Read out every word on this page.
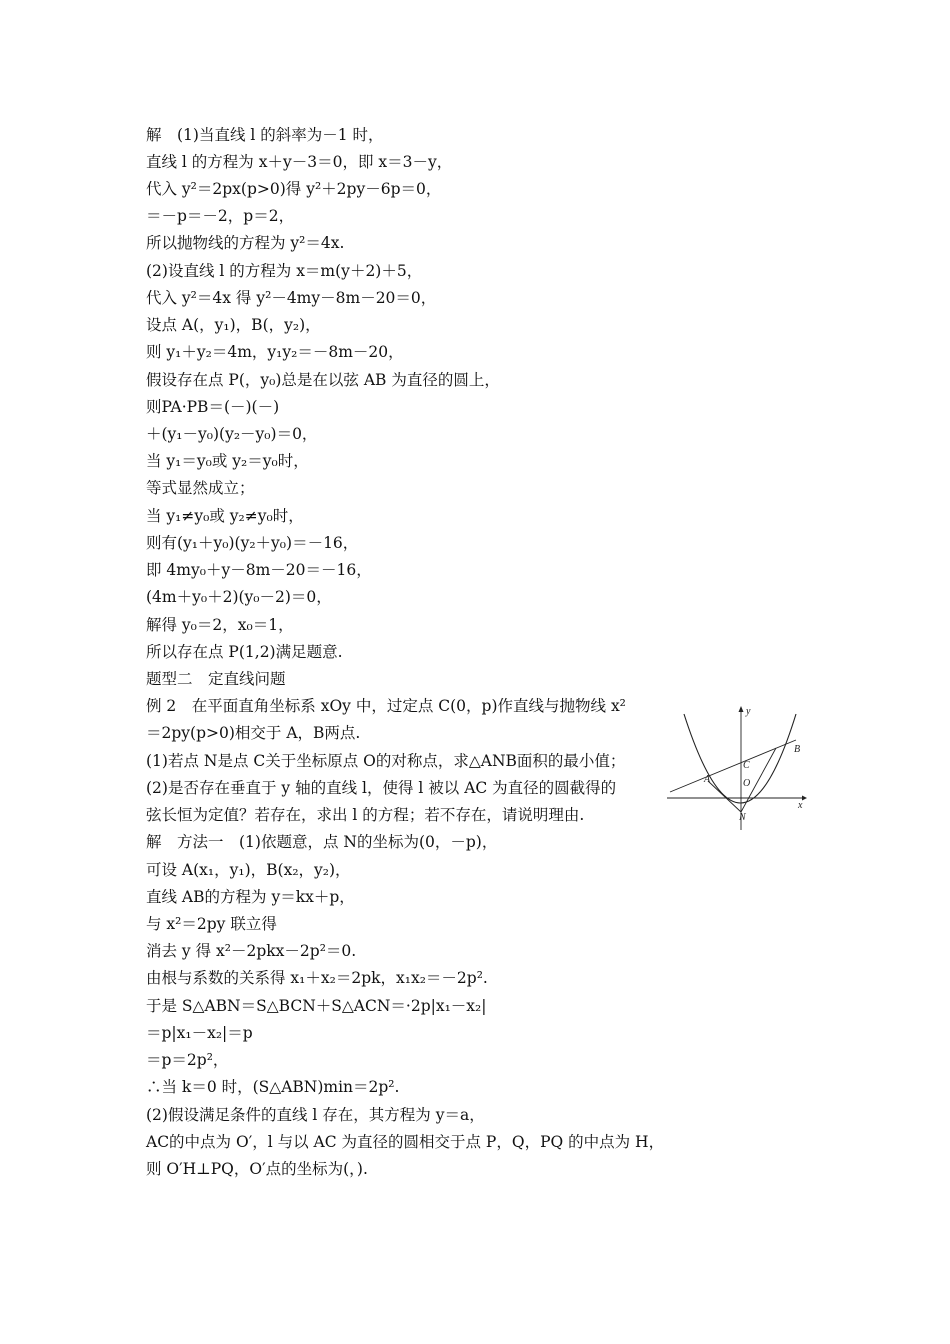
解　(1)当直线 l 的斜率为－1 时，
直线 l 的方程为 x＋y－3＝0，即 x＝3－y，
代入 y²＝2px(p>0)得 y²＋2py－6p＝0，
＝－p＝－2，p＝2，
所以抛物线的方程为 y²＝4x.
(2)设直线 l 的方程为 x＝m(y＋2)＋5，
代入 y²＝4x 得 y²－4my－8m－20＝0，
设点 A(，y₁)，B(，y₂)，
则 y₁＋y₂＝4m，y₁y₂＝－8m－20，
假设存在点 P(，y₀)总是在以弦 AB 为直径的圆上，
则PA·PB＝(－)(－)
＋(y₁－y₀)(y₂－y₀)＝0，
当 y₁＝y₀或 y₂＝y₀时，
等式显然成立；
当 y₁≠y₀或 y₂≠y₀时，
则有(y₁＋y₀)(y₂＋y₀)＝－16，
即 4my₀＋y－8m－20＝－16，
(4m＋y₀＋2)(y₀－2)＝0，
解得 y₀＝2，x₀＝1，
所以存在点 P(1,2)满足题意.
题型二　定直线问题
例 2　在平面直角坐标系 xOy 中，过定点 C(0，p)作直线与抛物线 x²
＝2py(p>0)相交于 A，B两点.
(1)若点 N是点 C关于坐标原点 O的对称点，求△ANB面积的最小值；
(2)是否存在垂直于 y 轴的直线 l，使得 l 被以 AC 为直径的圆截得的
弦长恒为定值？若存在，求出 l 的方程；若不存在，请说明理由.
解　方法一　(1)依题意，点 N的坐标为(0，－p)，
可设 A(x₁，y₁)，B(x₂，y₂)，
直线 AB的方程为 y＝kx＋p，
与 x²＝2py 联立得
消去 y 得 x²－2pkx－2p²＝0.
由根与系数的关系得 x₁＋x₂＝2pk，x₁x₂＝－2p².
于是 S△ABN＝S△BCN＋S△ACN＝·2p|x₁－x₂|
＝p|x₁－x₂|＝p
＝p＝2p²，
∴当 k＝0 时，(S△ABN)min＝2p².
(2)假设满足条件的直线 l 存在，其方程为 y＝a，
AC的中点为 O′，l 与以 AC 为直径的圆相交于点 P，Q，PQ 的中点为 H，
则 O′H⊥PQ，O′点的坐标为(，).
y
x
A
B
C
O
N
